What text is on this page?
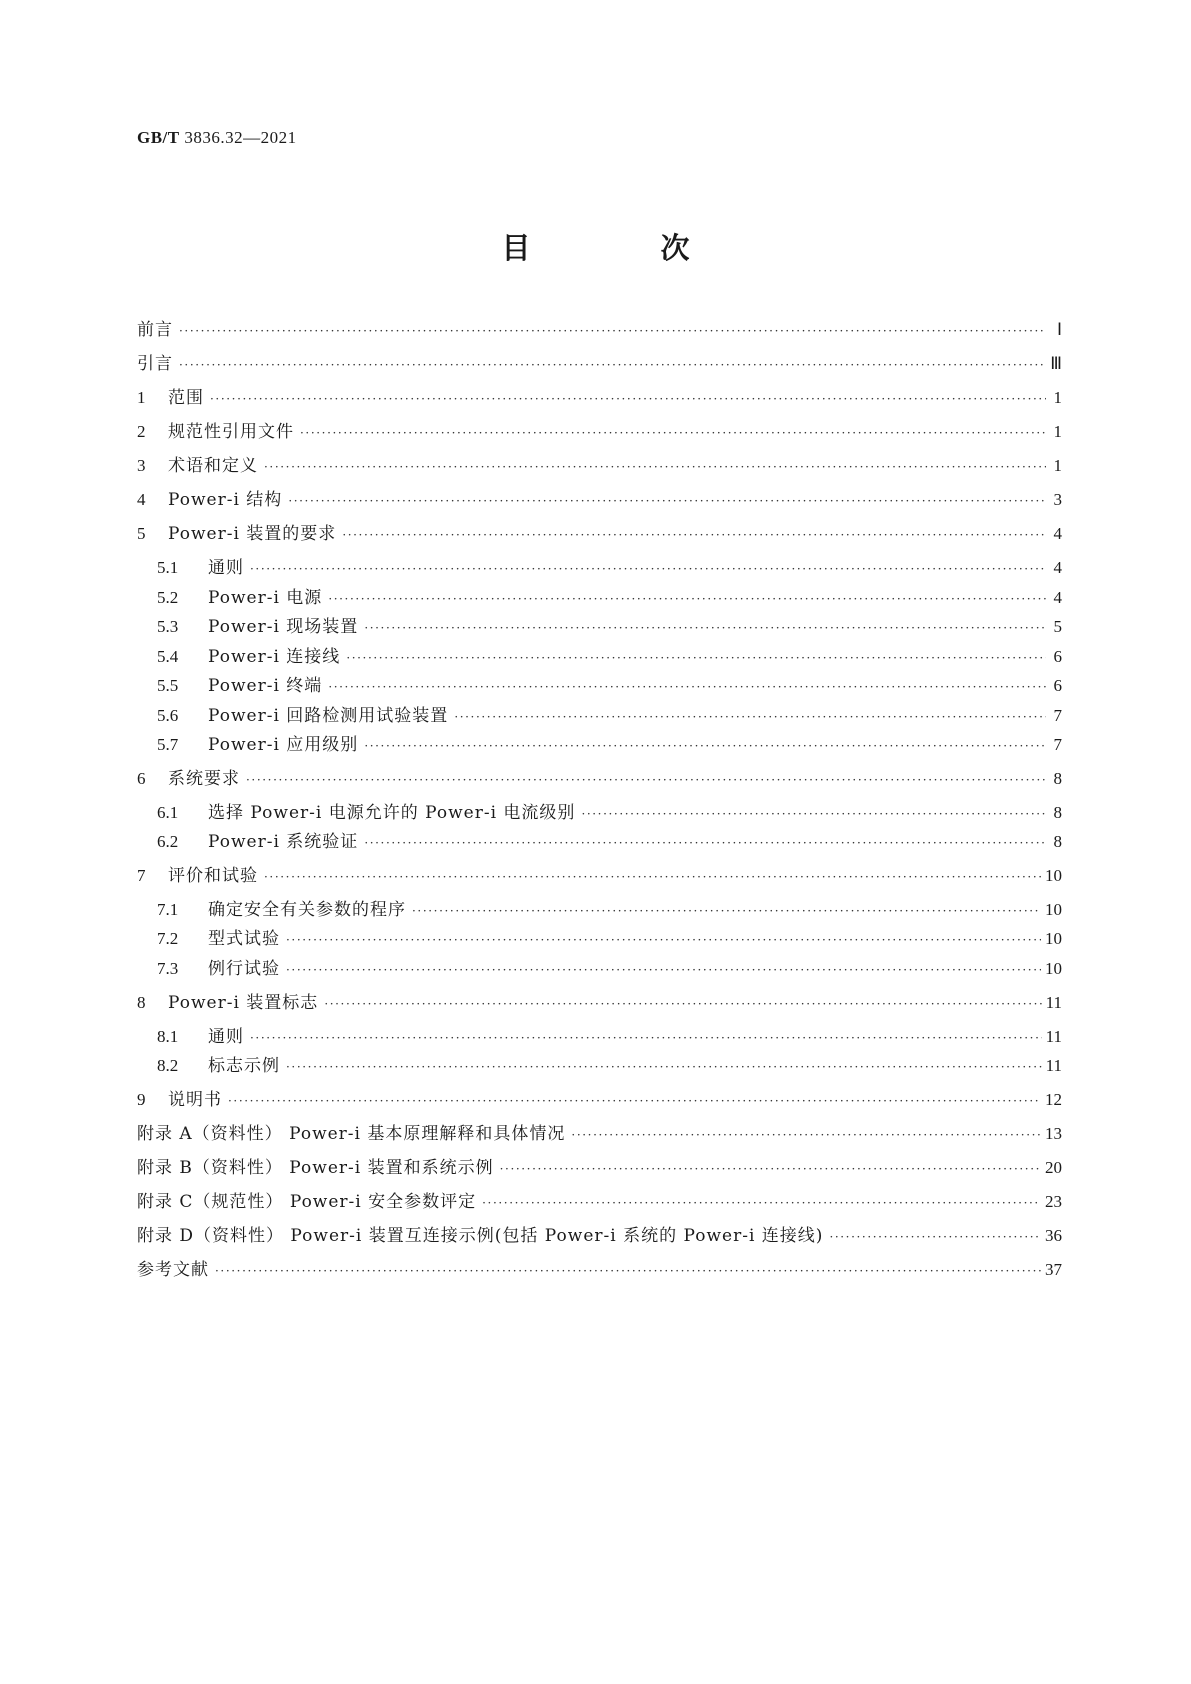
GB/T 3836.32—2021
目 次
前言 ·····	Ⅰ
引言 ·····	Ⅲ
1	范围 ·····	1
2	规范性引用文件 ·····	1
3	术语和定义 ·····	1
4	Power-i 结构 ·····	3
5	Power-i 装置的要求 ·····	4
5.1	通则 ·····	4
5.2	Power-i 电源 ·····	4
5.3	Power-i 现场装置 ·····	5
5.4	Power-i 连接线 ·····	6
5.5	Power-i 终端 ·····	6
5.6	Power-i 回路检测用试验装置 ·····	7
5.7	Power-i 应用级别 ·····	7
6	系统要求 ·····	8
6.1	选择 Power-i 电源允许的 Power-i 电流级别 ·····	8
6.2	Power-i 系统验证 ·····	8
7	评价和试验 ·····	10
7.1	确定安全有关参数的程序 ·····	10
7.2	型式试验 ·····	10
7.3	例行试验 ·····	10
8	Power-i 装置标志 ·····	11
8.1	通则 ·····	11
8.2	标志示例 ·····	11
9	说明书 ·····	12
附录 A（资料性） Power-i 基本原理解释和具体情况 ·····	13
附录 B（资料性） Power-i 装置和系统示例 ·····	20
附录 C（规范性） Power-i 安全参数评定 ·····	23
附录 D（资料性） Power-i 装置互连接示例(包括 Power-i 系统的 Power-i 连接线) ·····	36
参考文献 ·····	37
